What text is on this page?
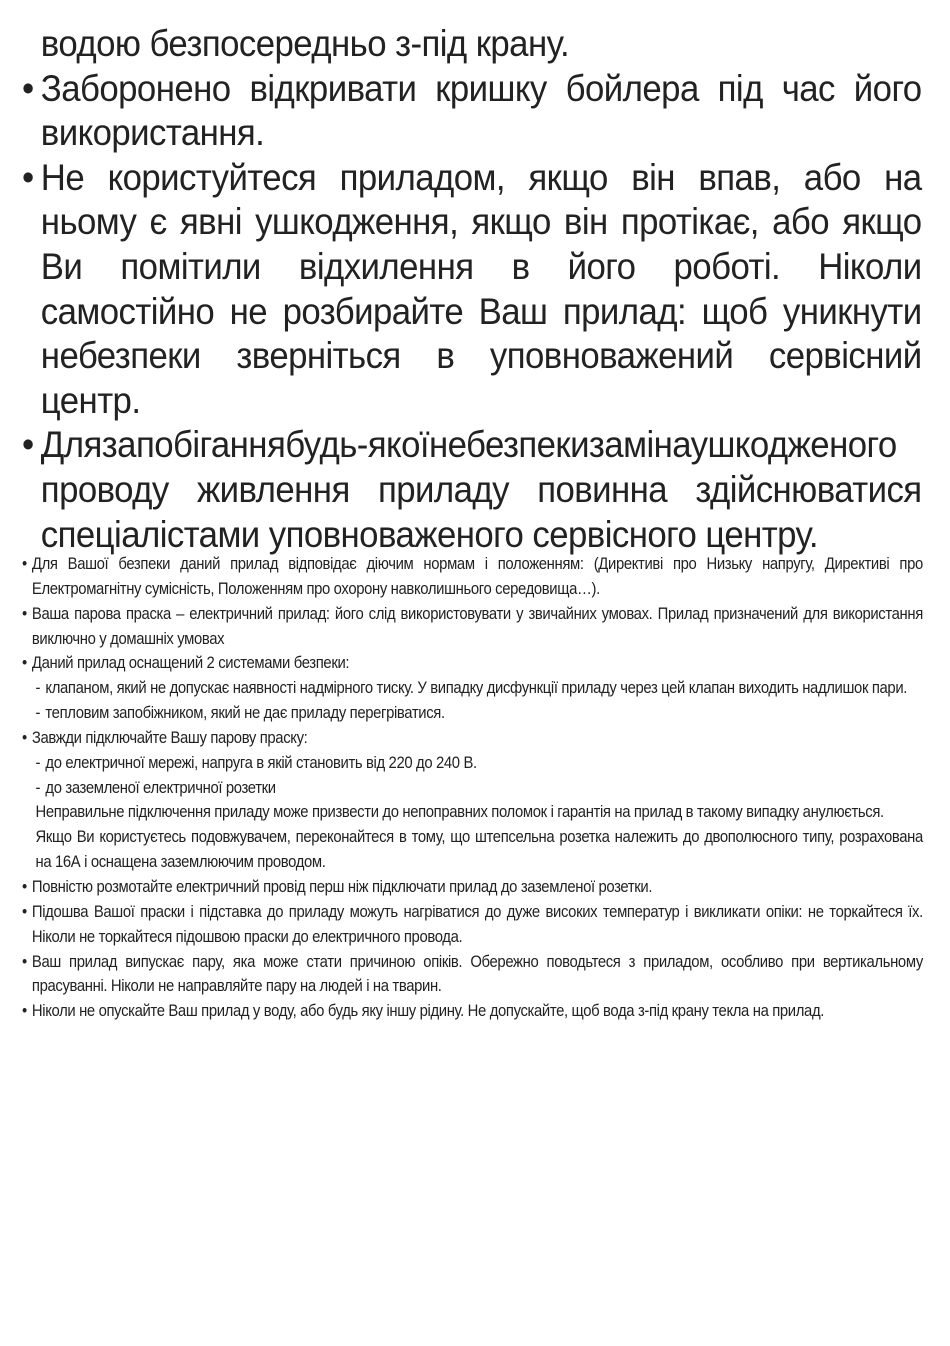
водою безпосередньо з-під крану.
• Заборонено відкривати кришку бойлера під час його використання.
• Не користуйтеся приладом, якщо він впав, або на ньому є явні ушкодження, якщо він протікає, або якщо Ви помітили відхилення в його роботі. Ніколи самостійно не розбирайте Ваш прилад: щоб уникнути небезпеки зверніться в уповноважений сервісний центр.
• Длязапобіганнябудь-якоїнебезпекизамінаушкодженого проводу живлення приладу повинна здійснюватися спеціалістами уповноваженого сервісного центру.
• Для Вашої безпеки даний прилад відповідає діючим нормам і положенням: (Директиві про Низьку напругу, Директиві про Електромагнітну сумісність, Положенням про охорону навколишнього середовища…).
• Ваша парова праска – електричний прилад: його слід використовувати у звичайних умовах. Прилад призначений для використання виключно у домашніх умовах
• Даний прилад оснащений 2 системами безпеки:
- клапаном, який не допускає наявності надмірного тиску. У випадку дисфункції приладу через цей клапан виходить надлишок пари.
- тепловим запобіжником, який не дає приладу перегріватися.
• Завжди підключайте Вашу парову праску:
- до електричної мережі, напруга в якій становить від 220 до 240 В.
- до заземленої електричної розетки
Неправильне підключення приладу може призвести до непоправних поломок і гарантія на прилад в такому випадку анулюється.
Якщо Ви користуєтесь подовжувачем, переконайтеся в тому, що штепсельна розетка належить до двополюсного типу, розрахована на 16А і оснащена заземлюючим проводом.
• Повністю розмотайте електричний провід перш ніж підключати прилад до заземленої розетки.
• Підошва Вашої праски і підставка до приладу можуть нагріватися до дуже високих температур і викликати опіки: не торкайтеся їх. Ніколи не торкайтеся підошвою праски до електричного провода.
• Ваш прилад випускає пару, яка може стати причиною опіків. Обережно поводьтеся з приладом, особливо при вертикальному прасуванні. Ніколи не направляйте пару на людей і на тварин.
• Ніколи не опускайте Ваш прилад у воду, або будь яку іншу рідину. Не допускайте, щоб вода з-під крану текла на прилад.
